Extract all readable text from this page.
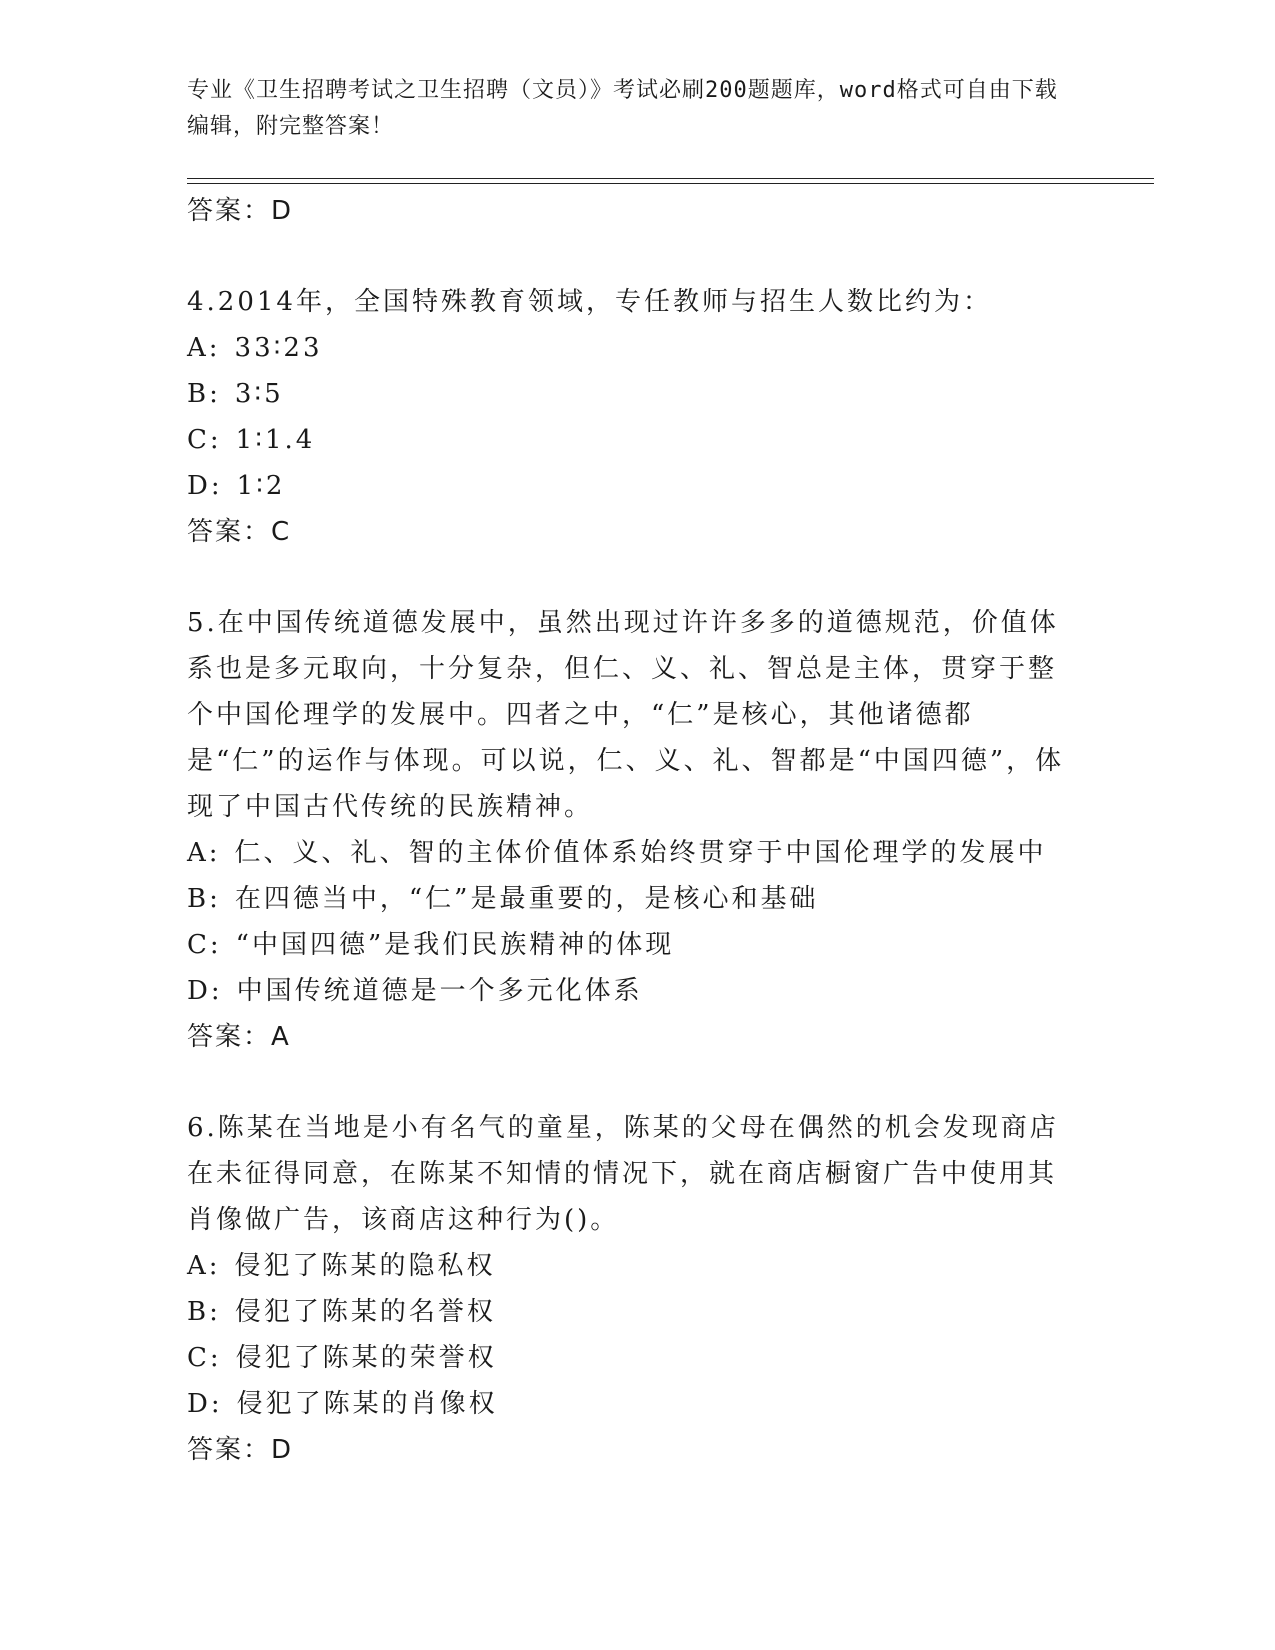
专业《卫生招聘考试之卫生招聘（文员）》考试必刷200题题库，word格式可自由下载编辑，附完整答案！
答案：D

4.2014年，全国特殊教育领域，专任教师与招生人数比约为：

A: 33∶23
B: 3∶5
C: 1∶1.4
D: 1∶2
答案：C

5.在中国传统道德发展中，虽然出现过许许多多的道德规范，价值体系也是多元取向，十分复杂，但仁、义、礼、智总是主体，贯穿于整个中国伦理学的发展中。四者之中，“仁”是核心，其他诸德都是“仁”的运作与体现。可以说，仁、义、礼、智都是“中国四德”，体现了中国古代传统的民族精神。

A: 仁、义、礼、智的主体价值体系始终贯穿于中国伦理学的发展中
B: 在四德当中，“仁”是最重要的，是核心和基础
C: “中国四德”是我们民族精神的体现
D: 中国传统道德是一个多元化体系
答案：A

6.陈某在当地是小有名气的童星，陈某的父母在偶然的机会发现商店在未征得同意，在陈某不知情的情况下，就在商店橱窗广告中使用其肖像做广告，该商店这种行为()。

A: 侵犯了陈某的隐私权
B: 侵犯了陈某的名誉权
C: 侵犯了陈某的荣誉权
D: 侵犯了陈某的肖像权
答案：D
